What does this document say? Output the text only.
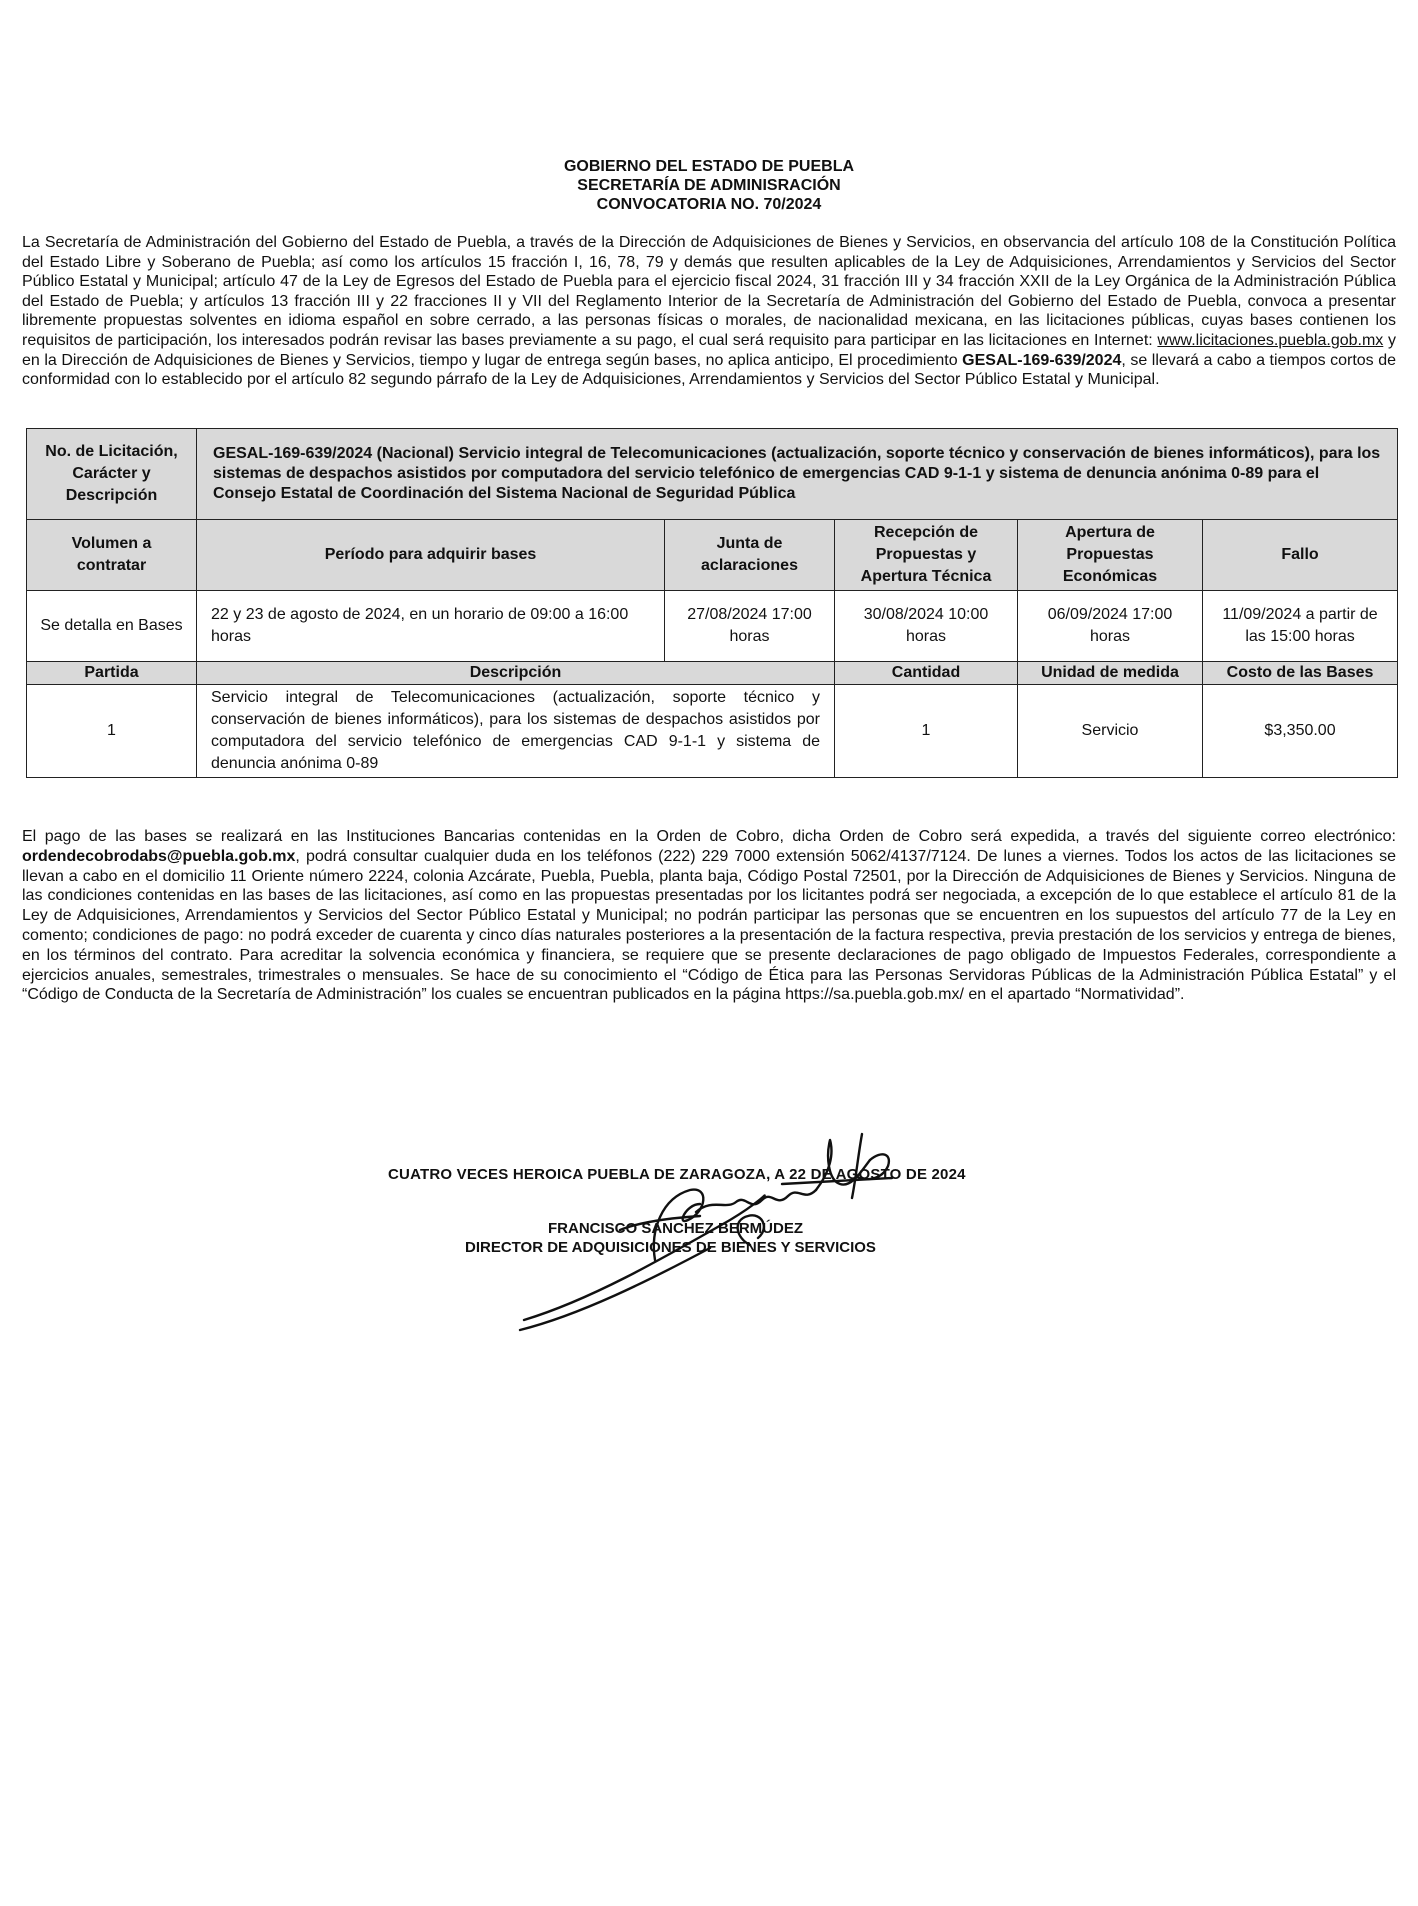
GOBIERNO DEL ESTADO DE PUEBLA
SECRETARÍA DE ADMINISRACIÓN
CONVOCATORIA NO. 70/2024
La Secretaría de Administración del Gobierno del Estado de Puebla, a través de la Dirección de Adquisiciones de Bienes y Servicios, en observancia del artículo 108 de la Constitución Política del Estado Libre y Soberano de Puebla; así como los artículos 15 fracción I, 16, 78, 79 y demás que resulten aplicables de la Ley de Adquisiciones, Arrendamientos y Servicios del Sector Público Estatal y Municipal; artículo 47 de la Ley de Egresos del Estado de Puebla para el ejercicio fiscal 2024, 31 fracción III y 34 fracción XXII de la Ley Orgánica de la Administración Pública del Estado de Puebla; y artículos 13 fracción III y 22 fracciones II y VII del Reglamento Interior de la Secretaría de Administración del Gobierno del Estado de Puebla, convoca a presentar libremente propuestas solventes en idioma español en sobre cerrado, a las personas físicas o morales, de nacionalidad mexicana, en las licitaciones públicas, cuyas bases contienen los requisitos de participación, los interesados podrán revisar las bases previamente a su pago, el cual será requisito para participar en las licitaciones en Internet: www.licitaciones.puebla.gob.mx y en la Dirección de Adquisiciones de Bienes y Servicios, tiempo y lugar de entrega según bases, no aplica anticipo, El procedimiento GESAL-169-639/2024, se llevará a cabo a tiempos cortos de conformidad con lo establecido por el artículo 82 segundo párrafo de la Ley de Adquisiciones, Arrendamientos y Servicios del Sector Público Estatal y Municipal.
No. de Licitación, Carácter y Descripción	GESAL-169-639/2024 (Nacional) Servicio integral de Telecomunicaciones (actualización, soporte técnico y conservación de bienes informáticos), para los sistemas de despachos asistidos por computadora del servicio telefónico de emergencias CAD 9-1-1 y sistema de denuncia anónima 0-89 para el Consejo Estatal de Coordinación del Sistema Nacional de Seguridad Pública				
Volumen a contratar	Período para adquirir bases	Junta de aclaraciones	Recepción de Propuestas y Apertura Técnica	Apertura de Propuestas Económicas	Fallo
Se detalla en Bases	22 y 23 de agosto de 2024, en un horario de 09:00 a 16:00 horas	27/08/2024 17:00 horas	30/08/2024 10:00 horas	06/09/2024 17:00 horas	11/09/2024 a partir de las 15:00 horas
Partida	Descripción		Cantidad	Unidad de medida	Costo de las Bases
1	Servicio integral de Telecomunicaciones (actualización, soporte técnico y conservación de bienes informáticos), para los sistemas de despachos asistidos por computadora del servicio telefónico de emergencias CAD 9-1-1 y sistema de denuncia anónima 0-89		1	Servicio	$3,350.00
El pago de las bases se realizará en las Instituciones Bancarias contenidas en la Orden de Cobro, dicha Orden de Cobro será expedida, a través del siguiente correo electrónico: ordendecobrodabs@puebla.gob.mx, podrá consultar cualquier duda en los teléfonos (222) 229 7000 extensión 5062/4137/7124. De lunes a viernes. Todos los actos de las licitaciones se llevan a cabo en el domicilio 11 Oriente número 2224, colonia Azcárate, Puebla, Puebla, planta baja, Código Postal 72501, por la Dirección de Adquisiciones de Bienes y Servicios. Ninguna de las condiciones contenidas en las bases de las licitaciones, así como en las propuestas presentadas por los licitantes podrá ser negociada, a excepción de lo que establece el artículo 81 de la Ley de Adquisiciones, Arrendamientos y Servicios del Sector Público Estatal y Municipal; no podrán participar las personas que se encuentren en los supuestos del artículo 77 de la Ley en comento; condiciones de pago: no podrá exceder de cuarenta y cinco días naturales posteriores a la presentación de la factura respectiva, previa prestación de los servicios y entrega de bienes, en los términos del contrato. Para acreditar la solvencia económica y financiera, se requiere que se presente declaraciones de pago obligado de Impuestos Federales, correspondiente a ejercicios anuales, semestrales, trimestrales o mensuales. Se hace de su conocimiento el “Código de Ética para las Personas Servidoras Públicas de la Administración Pública Estatal” y el “Código de Conducta de la Secretaría de Administración” los cuales se encuentran publicados en la página https://sa.puebla.gob.mx/ en el apartado “Normatividad”.
CUATRO VECES HEROICA PUEBLA DE ZARAGOZA, A 22 DE AGOSTO DE 2024
FRANCISCO SÁNCHEZ BERMÚDEZ
DIRECTOR DE ADQUISICIONES DE BIENES Y SERVICIOS
